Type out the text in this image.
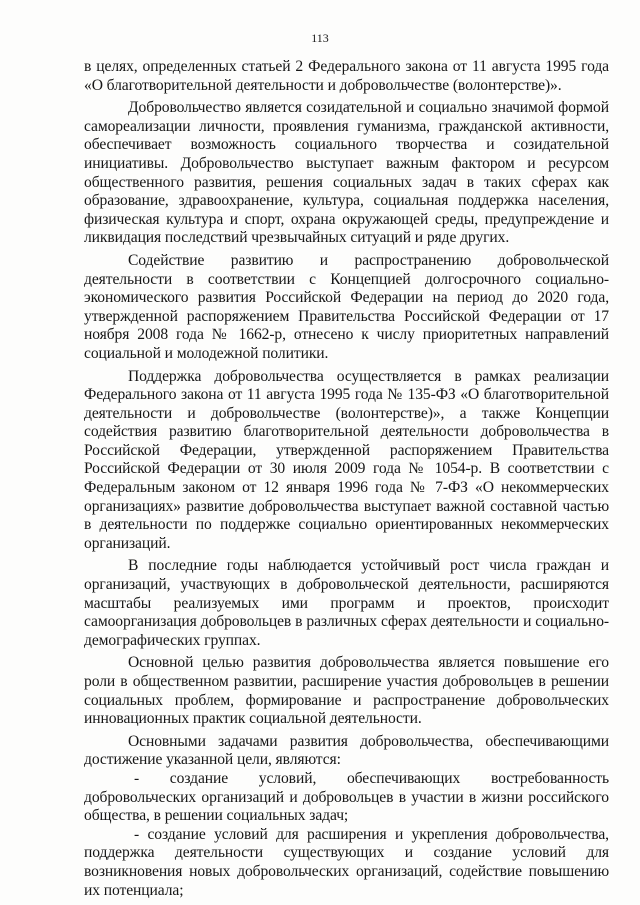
113

в целях, определенных статьей 2 Федерального закона от 11 августа 1995 года «О благотворительной деятельности и добровольчестве (волонтерстве)».

Добровольчество является созидательной и социально значимой формой самореализации личности, проявления гуманизма, гражданской активности, обеспечивает возможность социального творчества и созидательной инициативы. Добровольчество выступает важным фактором и ресурсом общественного развития, решения социальных задач в таких сферах как образование, здравоохранение, культура, социальная поддержка населения, физическая культура и спорт, охрана окружающей среды, предупреждение и ликвидация последствий чрезвычайных ситуаций и ряде других.

Содействие развитию и распространению добровольческой деятельности в соответствии с Концепцией долгосрочного социально-экономического развития Российской Федерации на период до 2020 года, утвержденной распоряжением Правительства Российской Федерации от 17 ноября 2008 года № 1662-р, отнесено к числу приоритетных направлений социальной и молодежной политики.

Поддержка добровольчества осуществляется в рамках реализации Федерального закона от 11 августа 1995 года № 135-ФЗ «О благотворительной деятельности и добровольчестве (волонтерстве)», а также Концепции содействия развитию благотворительной деятельности добровольчества в Российской Федерации, утвержденной распоряжением Правительства Российской Федерации от 30 июля 2009 года № 1054-р. В соответствии с Федеральным законом от 12 января 1996 года № 7-ФЗ «О некоммерческих организациях» развитие добровольчества выступает важной составной частью в деятельности по поддержке социально ориентированных некоммерческих организаций.

В последние годы наблюдается устойчивый рост числа граждан и организаций, участвующих в добровольческой деятельности, расширяются масштабы реализуемых ими программ и проектов, происходит самоорганизация добровольцев в различных сферах деятельности и социально-демографических группах.

Основной целью развития добровольчества является повышение его роли в общественном развитии, расширение участия добровольцев в решении социальных проблем, формирование и распространение добровольческих инновационных практик социальной деятельности.

Основными задачами развития добровольчества, обеспечивающими достижение указанной цели, являются:

- создание условий, обеспечивающих востребованность добровольческих организаций и добровольцев в участии в жизни российского общества, в решении социальных задач;

- создание условий для расширения и укрепления добровольчества, поддержка деятельности существующих и создание условий для возникновения новых добровольческих организаций, содействие повышению их потенциала;
